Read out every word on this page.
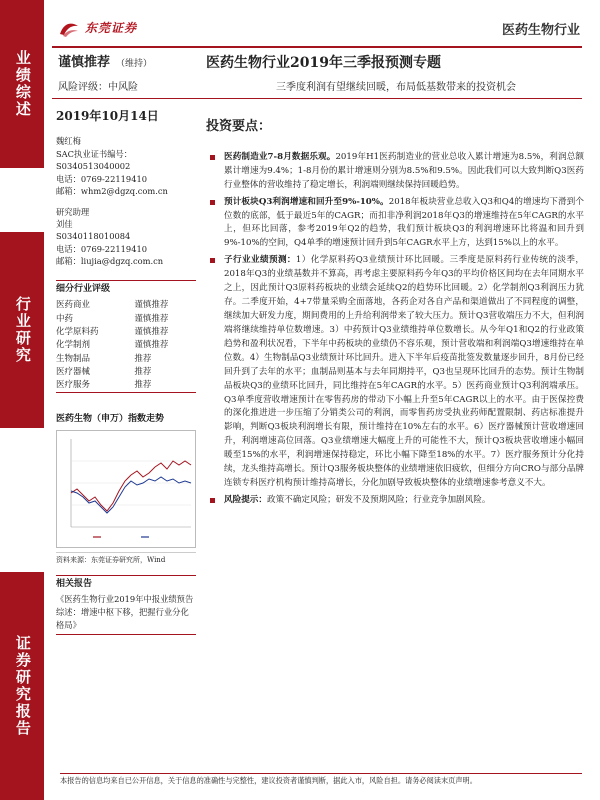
业绩综述
行业研究
证券研究报告
东莞证券	医药生物行业
谨慎推荐 （维持）	医药生物行业2019年三季报预测专题
风险评级：中风险	三季度利润有望继续回暖，布局低基数带来的投资机会
2019年10月14日

魏红梅

SAC执业证书编号：

S0340513040002

电话：0769-22119410

邮箱：whm2@dgzq.com.cn

研究助理

刘佳

S0340118010084

电话：0769-22119410

邮箱：liujia@dgzq.com.cn

细分行业评级
医药商业	谨慎推荐
中药	谨慎推荐
化学原料药	谨慎推荐
化学制剂	谨慎推荐
生物制品	推荐
医疗器械	推荐
医疗服务	推荐
医药生物（申万）指数走势
资料来源：东莞证券研究所，Wind
相关报告
《医药生物行业2019年中报业绩预告综述：增速中枢下移，把握行业分化格局》
投资要点：
医药制造业7-8月数据乐观。2019年H1医药制造业的营业总收入累计增速为8.5%，利润总额累计增速为9.4%；1-8月份的累计增速则分别为8.5%和9.5%。因此我们可以大致判断Q3医药行业整体的营收维持了稳定增长，利润端则继续保持回暖趋势。
预计板块Q3利润增速和回升至9%-10%。2018年板块营业总收入Q3和Q4的增速均下滑到个位数的底部，低于最近5年的CAGR；而扣非净利润2018年Q3的增速维持在5年CAGR的水平上，但环比回落，参考2019年Q2的趋势，我们预计板块Q3的利润增速环比将温和回升到9%-10%的空间，Q4单季的增速预计回升到5年CAGR水平上方，达到15%以上的水平。
子行业业绩预测：1）化学原料药Q3业绩预计环比回暖。三季度是原料药行业传统的淡季，2018年Q3的业绩基数并不算高，再考虑主要原料药今年Q3的平均价格区间均在去年同期水平之上，因此预计Q3原料药板块的业绩会延续Q2的趋势环比回暖。2）化学制剂Q3利润压力犹存。二季度开始，4+7带量采购全面落地，各药企对各自产品和渠道做出了不同程度的调整，继续加大研发力度，期间费用的上升给利润带来了较大压力。预计Q3营收端压力不大，但利润端将继续维持单位数增速。3）中药预计Q3业绩维持单位数增长。从今年Q1和Q2的行业政策趋势和盈利状况看，下半年中药板块的业绩仍不容乐观，预计营收端和利润端Q3增速维持在单位数。4）生物制品Q3业绩预计环比回升。进入下半年后疫苗批签发数量逐步回升，8月份已经回升到了去年的水平；血制品则基本与去年同期持平，Q3也呈现环比回升的态势。预计生物制品板块Q3的业绩环比回升，同比维持在5年CAGR的水平。5）医药商业预计Q3利润端承压。Q3单季度营收增速预计在零售药房的带动下小幅上升至5年CAGR以上的水平。由于医保控费的深化推进进一步压缩了分销类公司的利润，而零售药房受执业药师配置限制、药店标准提升影响，判断Q3板块利润增长有限，预计维持在10%左右的水平。6）医疗器械预计营收增速回升，利润增速高位回落。Q3业绩增速大幅度上升的可能性不大，预计Q3板块营收增速小幅回暖至15%的水平，利润增速保持稳定，环比小幅下降至18%的水平。7）医疗服务预计分化持续，龙头维持高增长。预计Q3服务板块整体的业绩增速依旧疲软，但细分方向CRO与部分品牌连锁专科医疗机构预计维持高增长，分化加剧导致板块整体的业绩增速参考意义不大。
风险提示：政策不确定风险；研发不及预期风险；行业竞争加剧风险。
本报告的信息均来自已公开信息，关于信息的准确性与完整性，建议投资者谨慎判断，据此入市，风险自担。请务必阅读末页声明。
